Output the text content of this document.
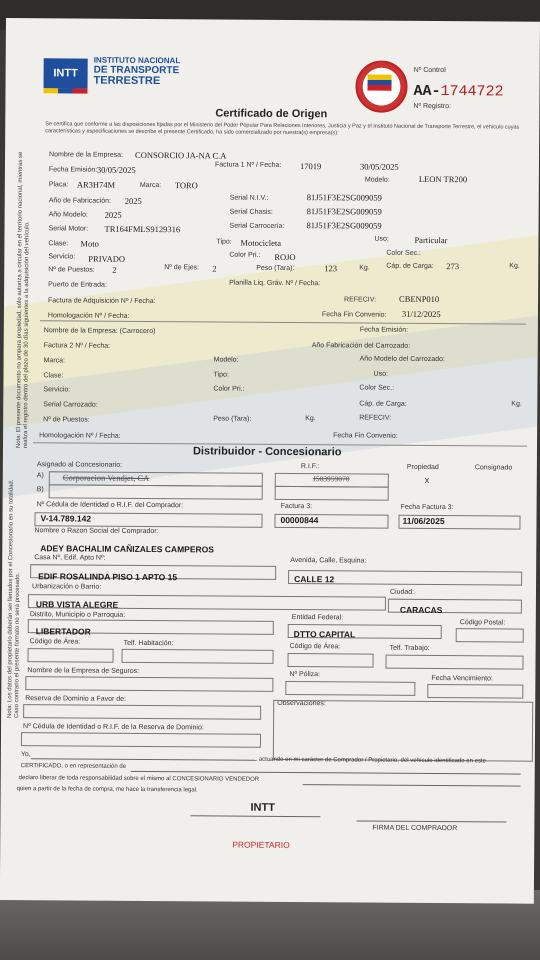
INTT
INSTITUTO NACIONAL
DE TRANSPORTE
TERRESTRE
Nº Control
AA-1744722
Nº Registro:
Certificado de Origen
Se certifica que conforme a las disposiciones fijadas por el Ministerio del Poder Popular Para Relaciones Interiores, Justicia y Paz y el Instituto Nacional de Transporte Terrestre, el vehículo cuyas características y especificaciones se describe el presente Certificado, ha sido comercializado por nuestra(s) empresa(s):
Nombre de la Empresa: CONSORCIO JA-NA C.A
Fecha Emisión: 30/05/2025	Factura 1 Nº / Fecha: 17019	30/05/2025
Modelo:	LEON TR200
Placa: AR3H74M	Marca: TORO
Año de Fabricación: 2025	Serial N.I.V.:	81J51F3E2SG009059
Año Modelo: 2025	Serial Chasis:	81J51F3E2SG009059
Serial Motor: TR164FMLS9129316	Serial Carrocería:	81J51F3E2SG009059
Clase: Moto	Tipo: Motocicleta	Uso:	Particular
Servicio: PRIVADO	Color Pri.: ROJO	Color Sec.:
Nº de Puestos: 2	Nº de Ejes: 2	Peso (Tara):	123	Kg. Cáp. de Carga: 273	Kg.
Puerto de Entrada:	Planilla Liq. Gráv. Nº / Fecha:
Factura de Adquisición Nº / Fecha:	REFECIV:	CBENP010
Homologación Nº / Fecha:	Fecha Fin Convenio: 31/12/2025
Nombre de la Empresa: (Carrocero)	Fecha Emisión:
Factura 2 Nº / Fecha:	Año Fabricación del Carrozado:
Marca:	Modelo:	Año Modelo del Carrozado:
Clase:	Tipo:	Uso:
Servicio:	Color Pri.:	Color Sec.:
Serial Carrozado:	Cáp. de Carga:	Kg.
Nº de Puestos:	Peso (Tara):	Kg.	REFECIV:
Homologación Nº / Fecha:	Fecha Fin Convenio:
Distribuidor - Concesionario
Asignado al Concesionario:	R.I.F.:	Propiedad	Consignado
A) Corporacion Vendjet, CA	J503959070	x
B)
Nº Cédula de Identidad o R.I.F. del Comprador:	Factura 3:	Fecha Factura 3:
V-14.789.142	00000844	11/06/2025
Nombre o Razon Social del Comprador:
ADEY BACHALIM CAÑIZALES CAMPEROS
Casa Nº, Edif. Apto Nº:	Avenida, Calle, Esquina:
EDIF ROSALINDA PISO 1 APTO 15	CALLE 12
Urbanización o Barrio:
Ciudad:
URB VISTA ALEGRE
CARACAS
Distrito, Municipio o Parroquia:	Entidad Federal:
Código Postal:
LIBERTADOR	DTTO CAPITAL
Código de Área:	Telf. Habitación:	Código de Área:	Telf. Trabajo:
Nombre de la Empresa de Seguros:	Nº Póliza:
Fecha Vencimiento:
Reserva de Dominio a Favor de:
Observaciones:
Nº Cédula de Identidad o R.I.F. de la Reserva de Dominio:
Yo,
actuando en mi carácter de Comprador / Propietario, del vehículo identificado en este
CERTIFICADO, o en representación de
declaro liberar de toda responsabilidad sobre el mismo al CONCESIONARIO VENDEDOR
quien a partir de la fecha de compra, me hace la transferencia legal.
INTT
FIRMA DEL COMPRADOR
PROPIETARIO
Nota: El presente documento no ampara propiedad, sólo autoriza a circular en el territorio nacional, mientras se realiza el registro dentro del plazo de 30 días siguientes a la adquisición del vehículo.
Nota: Los datos del propietario deberán ser llenados por el Concesionario en su totalidad. Caso contrario el presente formato no será procesado.
